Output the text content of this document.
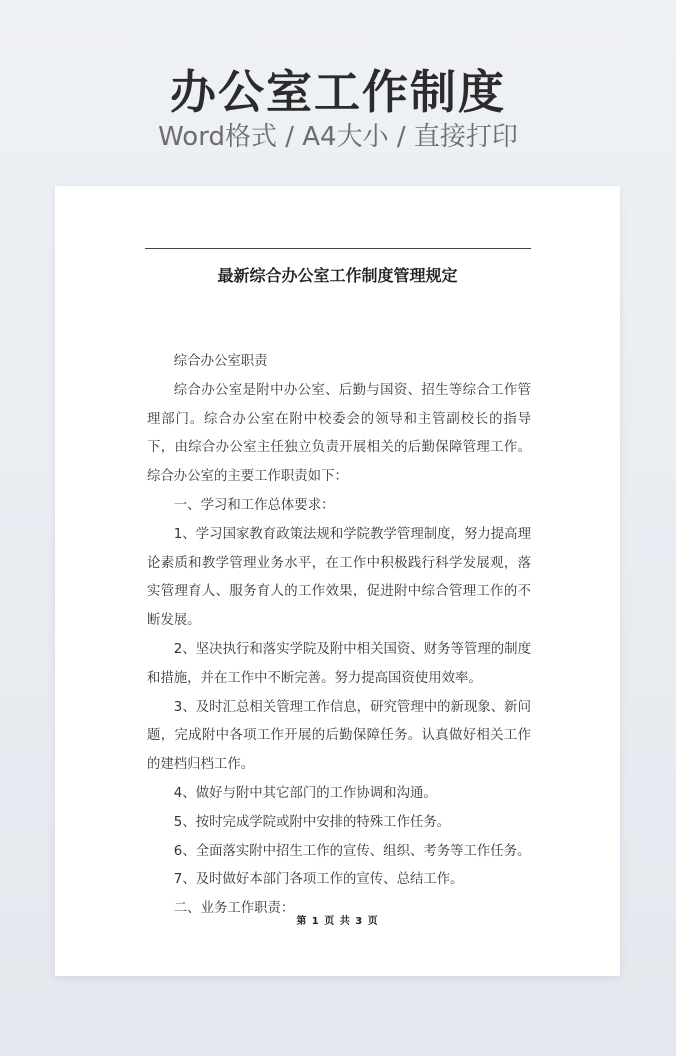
办公室工作制度
Word格式 / A4大小 / 直接打印
最新综合办公室工作制度管理规定

综合办公室职责

综合办公室是附中办公室、后勤与国资、招生等综合工作管理部门。综合办公室在附中校委会的领导和主管副校长的指导下，由综合办公室主任独立负责开展相关的后勤保障管理工作。综合办公室的主要工作职责如下：

一、学习和工作总体要求：

1、学习国家教育政策法规和学院教学管理制度，努力提高理论素质和教学管理业务水平，在工作中积极践行科学发展观，落实管理育人、服务育人的工作效果，促进附中综合管理工作的不断发展。

2、坚决执行和落实学院及附中相关国资、财务等管理的制度和措施，并在工作中不断完善。努力提高国资使用效率。

3、及时汇总相关管理工作信息，研究管理中的新现象、新问题，完成附中各项工作开展的后勤保障任务。认真做好相关工作的建档归档工作。

4、做好与附中其它部门的工作协调和沟通。

5、按时完成学院或附中安排的特殊工作任务。

6、全面落实附中招生工作的宣传、组织、考务等工作任务。

7、及时做好本部门各项工作的宣传、总结工作。

二、业务工作职责：

第 1 页 共 3 页
